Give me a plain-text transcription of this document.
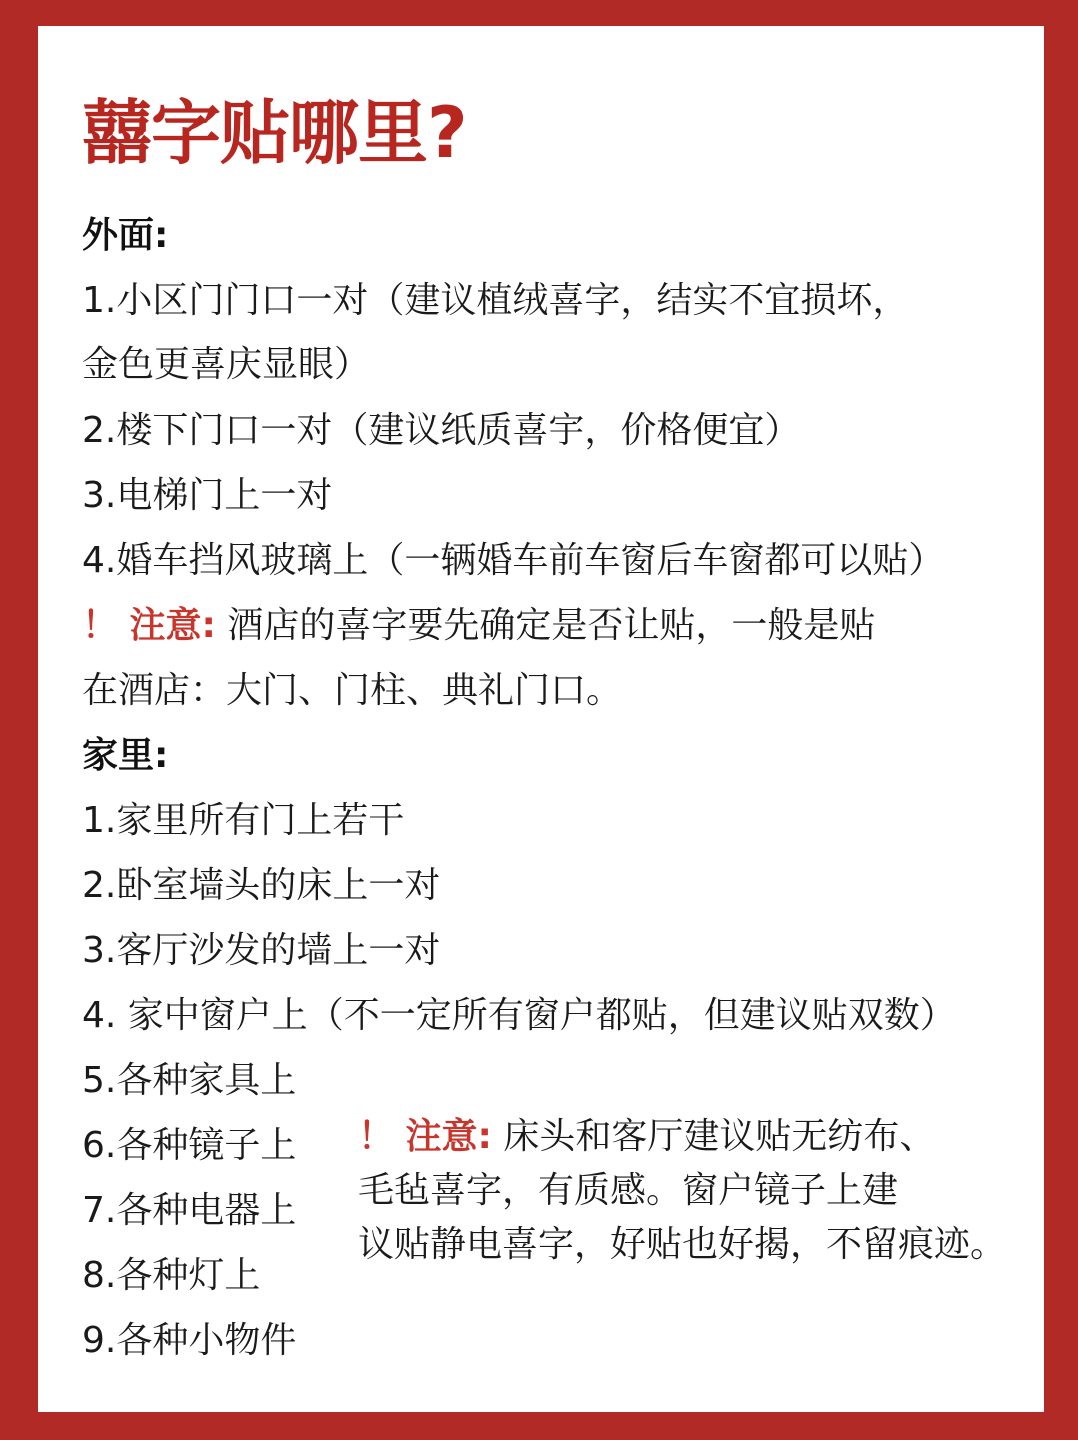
囍字贴哪里?
外面:
1.小区门门口一对（建议植绒喜字，结实不宜损坏，
金色更喜庆显眼）
2.楼下门口一对（建议纸质喜宇，价格便宜）
3.电梯门上一对
4.婚车挡风玻璃上（一辆婚车前车窗后车窗都可以贴）
！ 注意: 酒店的喜字要先确定是否让贴，一般是贴
在酒店：大门、门柱、典礼门口。
家里:
1.家里所有门上若干
2.卧室墙头的床上一对
3.客厅沙发的墙上一对
4. 家中窗户上（不一定所有窗户都贴，但建议贴双数）
5.各种家具上
6.各种镜子上
7.各种电器上
8.各种灯上
9.各种小物件
！ 注意: 床头和客厅建议贴无纺布、
毛毡喜字，有质感。窗户镜子上建
议贴静电喜字，好贴也好揭，不留痕迹。
